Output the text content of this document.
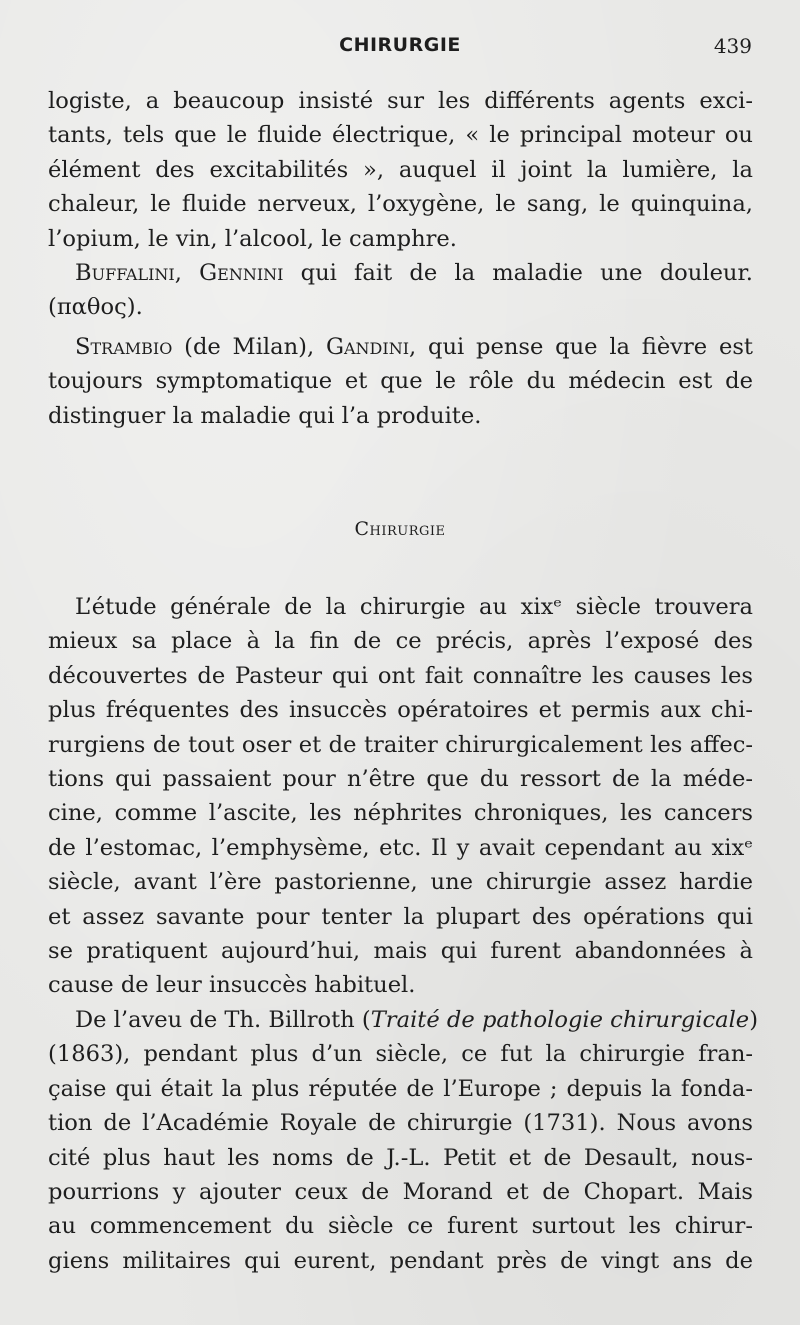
CHIRURGIE	439
logiste, a beaucoup insisté sur les différents agents exci-
tants, tels que le fluide électrique, « le principal moteur ou
élément des excitabilités », auquel il joint la lumière, la
chaleur, le fluide nerveux, l’oxygène, le sang, le quinquina,
l’opium, le vin, l’alcool, le camphre.
Buffalini, Gennini qui fait de la maladie une douleur.
(παθος).
Strambio (de Milan), Gandini, qui pense que la fièvre est
toujours symptomatique et que le rôle du médecin est de
distinguer la maladie qui l’a produite.
Chirurgie
L’étude générale de la chirurgie au xixᵉ siècle trouvera
mieux sa place à la fin de ce précis, après l’exposé des
découvertes de Pasteur qui ont fait connaître les causes les
plus fréquentes des insuccès opératoires et permis aux chi-
rurgiens de tout oser et de traiter chirurgicalement les affec-
tions qui passaient pour n’être que du ressort de la méde-
cine, comme l’ascite, les néphrites chroniques, les cancers
de l’estomac, l’emphysème, etc. Il y avait cependant au xixᵉ
siècle, avant l’ère pastorienne, une chirurgie assez hardie
et assez savante pour tenter la plupart des opérations qui
se pratiquent aujourd’hui, mais qui furent abandonnées à
cause de leur insuccès habituel.
De l’aveu de Th. Billroth (Traité de pathologie chirurgicale)
(1863), pendant plus d’un siècle, ce fut la chirurgie fran-
çaise qui était la plus réputée de l’Europe ; depuis la fonda-
tion de l’Académie Royale de chirurgie (1731). Nous avons
cité plus haut les noms de J.-L. Petit et de Desault, nous-
pourrions y ajouter ceux de Morand et de Chopart. Mais
au commencement du siècle ce furent surtout les chirur-
giens militaires qui eurent, pendant près de vingt ans de
